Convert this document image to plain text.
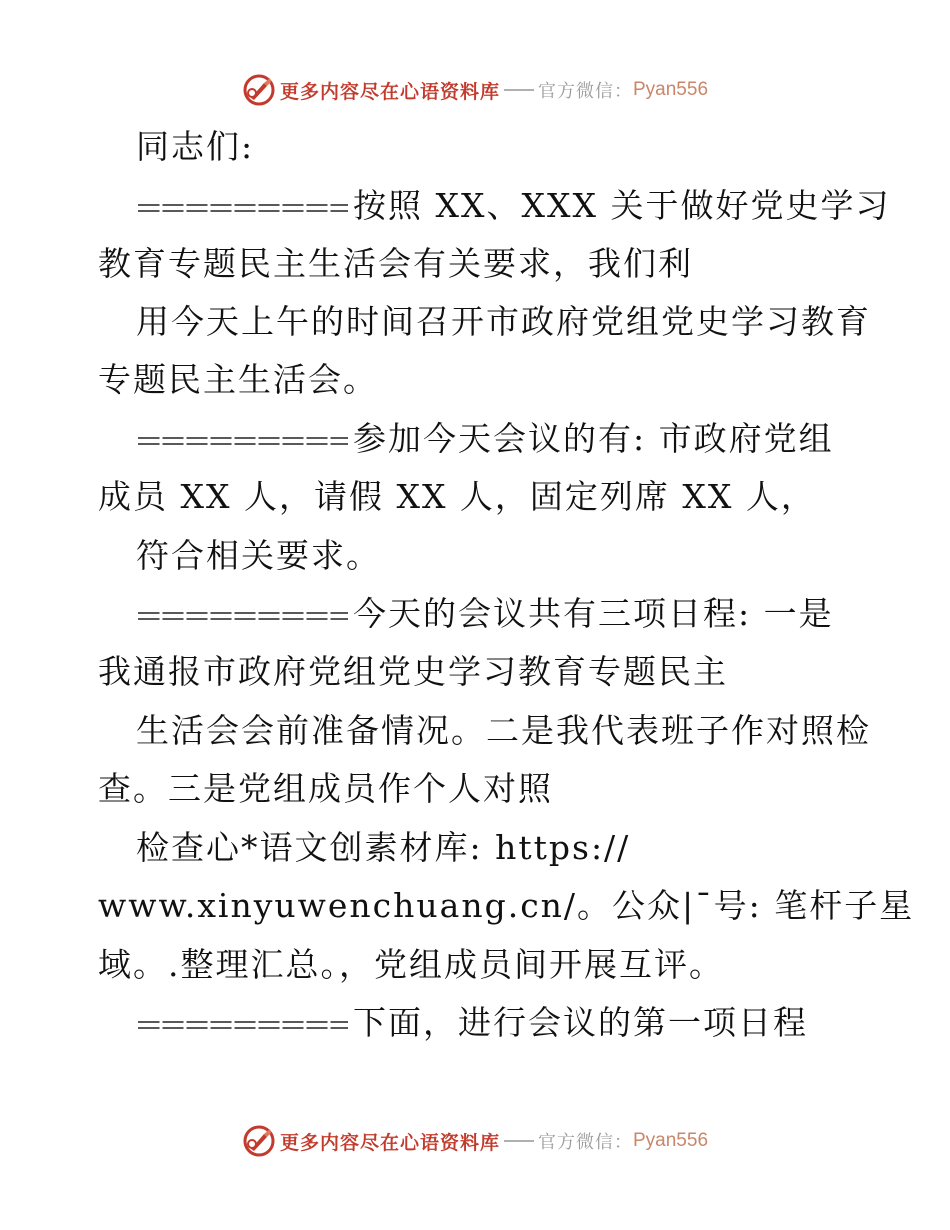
更多内容尽在心语资料库 官方微信： Pyan556
同志们:
按照 XX、XXX 关于做好党史学习
教育专题民主生活会有关要求，我们利
用今天上午的时间召开市政府党组党史学习教育
专题民主生活会。
参加今天会议的有: 市政府党组
成员 XX 人，请假 XX 人，固定列席 XX 人，
符合相关要求。
今天的会议共有三项日程: 一是
我通报市政府党组党史学习教育专题民主
生活会会前准备情况。二是我代表班子作对照检
查。三是党组成员作个人对照
检查心*语文创素材库: https://
www.xinyuwenchuang.cn/。公众|¯号: 笔杆子星
域。.整理汇总。，党组成员间开展互评。
下面，进行会议的第一项日程
更多内容尽在心语资料库 官方微信： Pyan556
